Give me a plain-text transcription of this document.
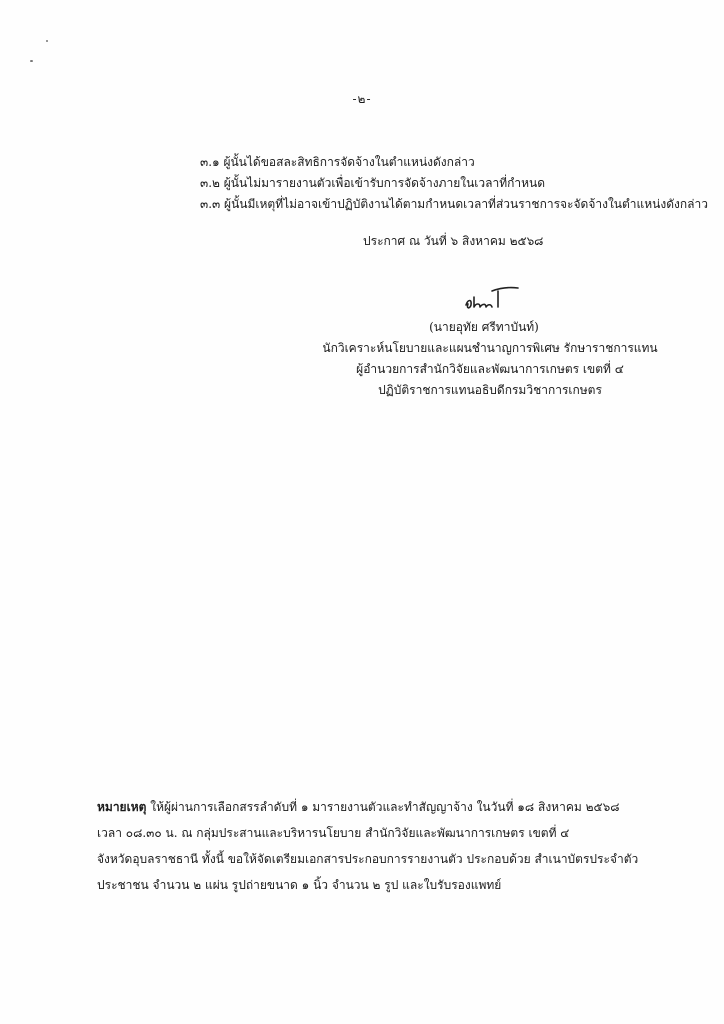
-๒-
๓.๑ ผู้นั้นได้ขอสละสิทธิการจัดจ้างในตำแหน่งดังกล่าว
๓.๒ ผู้นั้นไม่มารายงานตัวเพื่อเข้ารับการจัดจ้างภายในเวลาที่กำหนด
๓.๓ ผู้นั้นมีเหตุที่ไม่อาจเข้าปฏิบัติงานได้ตามกำหนดเวลาที่ส่วนราชการจะจัดจ้างในตำแหน่งดังกล่าว
ประกาศ ณ วันที่ ๖ สิงหาคม ๒๕๖๘
(นายอุทัย ศรีทาบันท์)
นักวิเคราะห์นโยบายและแผนชำนาญการพิเศษ รักษาราชการแทน
ผู้อำนวยการสำนักวิจัยและพัฒนาการเกษตร เขตที่ ๔
ปฏิบัติราชการแทนอธิบดีกรมวิชาการเกษตร
หมายเหตุ ให้ผู้ผ่านการเลือกสรรลำดับที่ ๑ มารายงานตัวและทำสัญญาจ้าง ในวันที่ ๑๘ สิงหาคม ๒๕๖๘
เวลา ๐๘.๓๐ น. ณ กลุ่มประสานและบริหารนโยบาย สำนักวิจัยและพัฒนาการเกษตร เขตที่ ๔
จังหวัดอุบลราชธานี ทั้งนี้ ขอให้จัดเตรียมเอกสารประกอบการรายงานตัว ประกอบด้วย สำเนาบัตรประจำตัว
ประชาชน จำนวน ๒ แผ่น รูปถ่ายขนาด ๑ นิ้ว จำนวน ๒ รูป และใบรับรองแพทย์
